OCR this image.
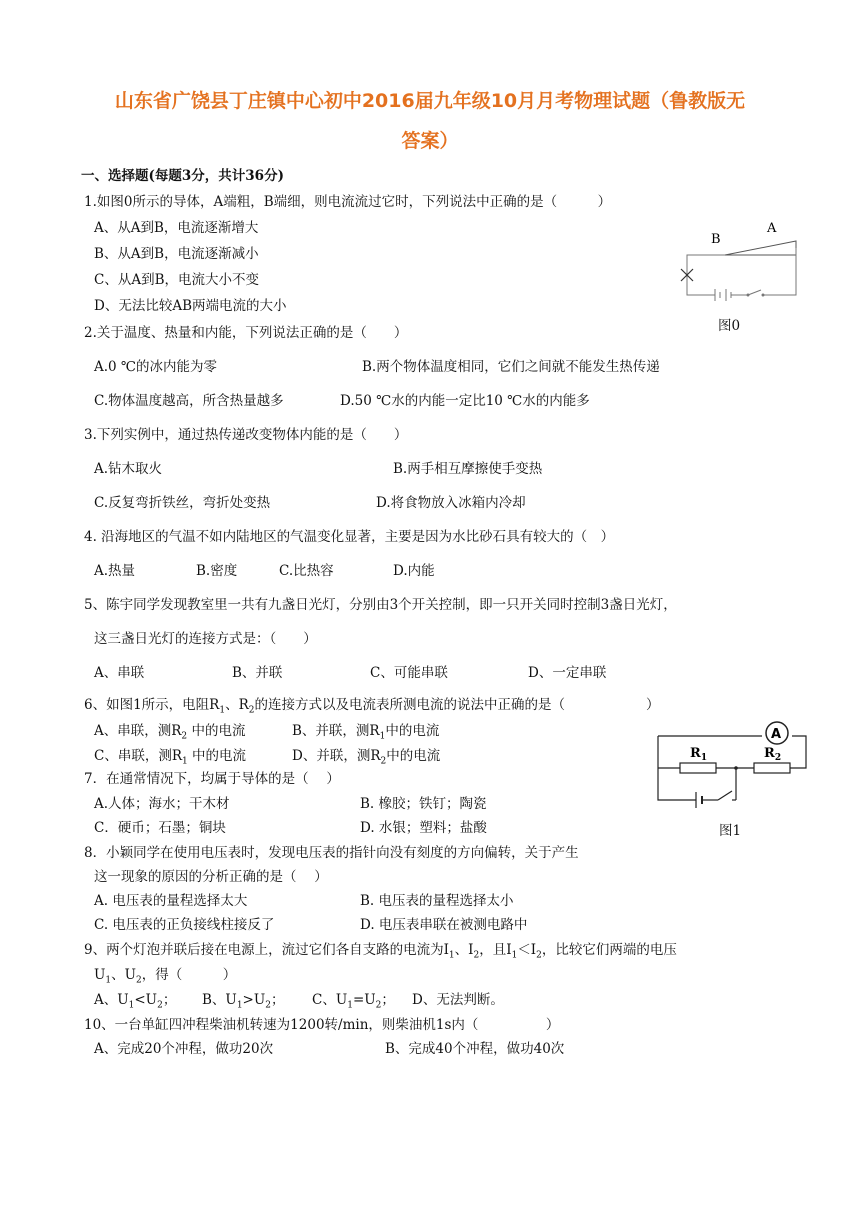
山东省广饶县丁庄镇中心初中2016届九年级10月月考物理试题（鲁教版无
答案）
一、选择题(每题3分，共计36分)
1.如图0所示的导体，A端粗，B端细，则电流流过它时，下列说法中正确的是（　　　）
A、从A到B，电流逐渐增大
B、从A到B，电流逐渐减小
C、从A到B，电流大小不变
D、无法比较AB两端电流的大小
B
A
图0
2.关于温度、热量和内能，下列说法正确的是（　　）
A.0 ℃的冰内能为零	B.两个物体温度相同，它们之间就不能发生热传递
C.物体温度越高，所含热量越多	D.50 ℃水的内能一定比10 ℃水的内能多
3.下列实例中，通过热传递改变物体内能的是（　　）
A.钻木取火	B.两手相互摩擦使手变热
C.反复弯折铁丝，弯折处变热	D.将食物放入冰箱内冷却
4. 沿海地区的气温不如内陆地区的气温变化显著，主要是因为水比砂石具有较大的（　）
A.热量	B.密度	C.比热容	D.内能
5、陈宇同学发现教室里一共有九盏日光灯，分别由3个开关控制，即一只开关同时控制3盏日光灯，
这三盏日光灯的连接方式是：（　　）
A、串联	B、并联	C、可能串联	D、一定串联
6、如图1所示，电阻$R_1$、$R_2$的连接方式以及电流表所测电流的说法中正确的是（　　　　　　）
A、串联，测$R_2$ 中的电流	B、并联，测$R_1$中的电流
C、串联，测$R_1$ 中的电流	D、并联，测$R_2$中的电流
A
$R_1$	$R_2$
图1
7．在通常情况下，均属于导体的是（　 ）
A.人体；海水；干木材	B. 橡胶；铁钉；陶瓷
C．硬币；石墨；铜块	D. 水银；塑料；盐酸
8．小颖同学在使用电压表时，发现电压表的指针向没有刻度的方向偏转，关于产生
这一现象的原因的分析正确的是（　 ）
A. 电压表的量程选择太大	B. 电压表的量程选择太小
C. 电压表的正负接线柱接反了	D. 电压表串联在被测电路中
9、两个灯泡并联后接在电源上，流过它们各自支路的电流为$I_1$、$I_2$，且$I_1<I_2$，比较它们两端的电压
$U_1$、$U_2$，得（　　　）
A、$U_1<U_2$； B、$U_1>U_2$； C、$U_1=U_2$； D、无法判断。
10、一台单缸四冲程柴油机转速为1200转/min，则柴油机1s内（　　　　　）
A、完成20个冲程，做功20次	B、完成40个冲程，做功40次
